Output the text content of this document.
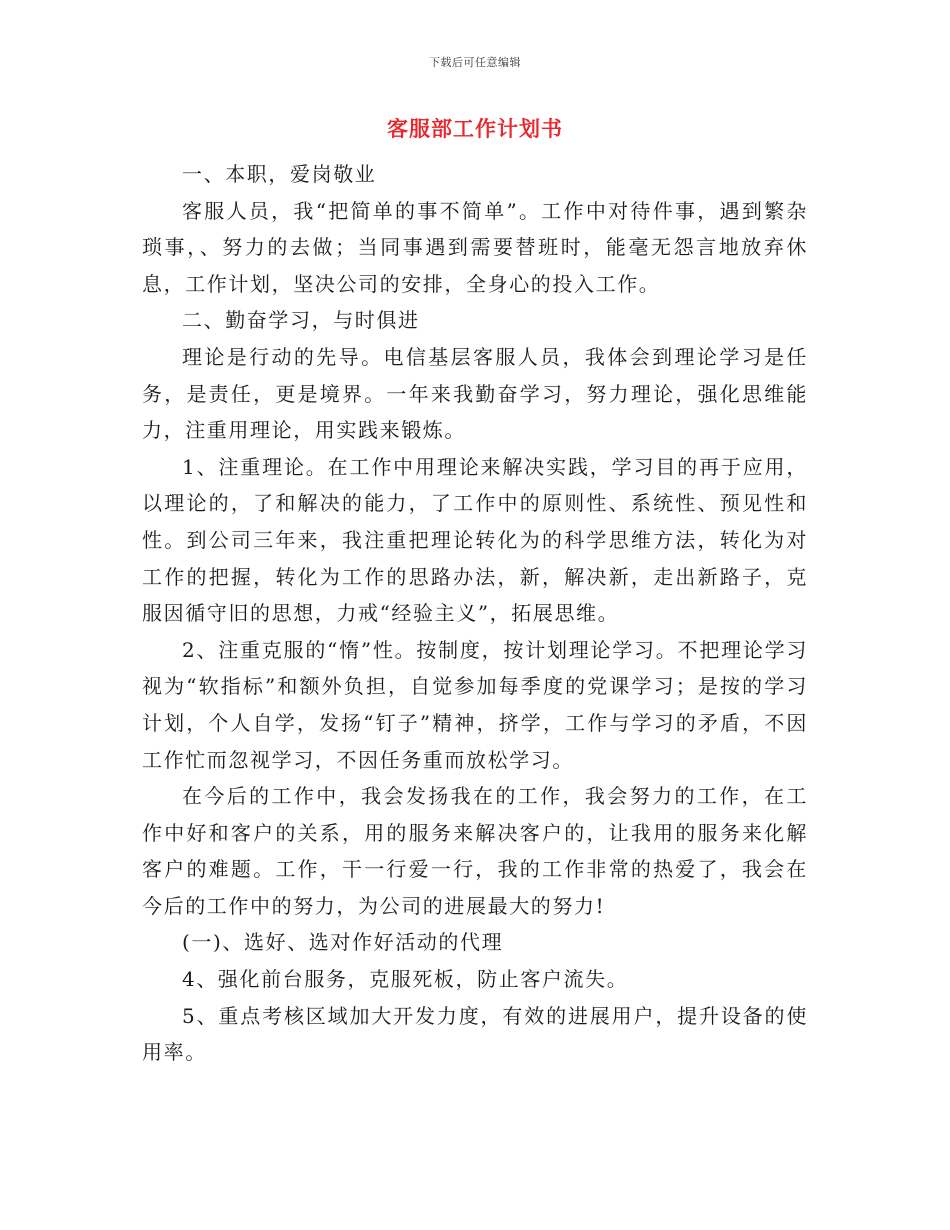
下载后可任意编辑
客服部工作计划书

一、本职，爱岗敬业

客服人员，我“把简单的事不简单”。工作中对待件事，遇到繁杂琐事，、努力的去做；当同事遇到需要替班时，能毫无怨言地放弃休息，工作计划，坚决公司的安排，全身心的投入工作。

二、勤奋学习，与时俱进

理论是行动的先导。电信基层客服人员，我体会到理论学习是任务，是责任，更是境界。一年来我勤奋学习，努力理论，强化思维能力，注重用理论，用实践来锻炼。

1、注重理论。在工作中用理论来解决实践，学习目的再于应用，以理论的，了和解决的能力，了工作中的原则性、系统性、预见性和性。到公司三年来，我注重把理论转化为的科学思维方法，转化为对工作的把握，转化为工作的思路办法，新，解决新，走出新路子，克服因循守旧的思想，力戒“经验主义”，拓展思维。

2、注重克服的“惰”性。按制度，按计划理论学习。不把理论学习视为“软指标”和额外负担，自觉参加每季度的党课学习；是按的学习计划，个人自学，发扬“钉子”精神，挤学，工作与学习的矛盾，不因工作忙而忽视学习，不因任务重而放松学习。

在今后的工作中，我会发扬我在的工作，我会努力的工作，在工作中好和客户的关系，用的服务来解决客户的，让我用的服务来化解客户的难题。工作，干一行爱一行，我的工作非常的热爱了，我会在今后的工作中的努力，为公司的进展最大的努力!

(一)、选好、选对作好活动的代理

4、强化前台服务，克服死板，防止客户流失。

5、重点考核区域加大开发力度，有效的进展用户，提升设备的使用率。
